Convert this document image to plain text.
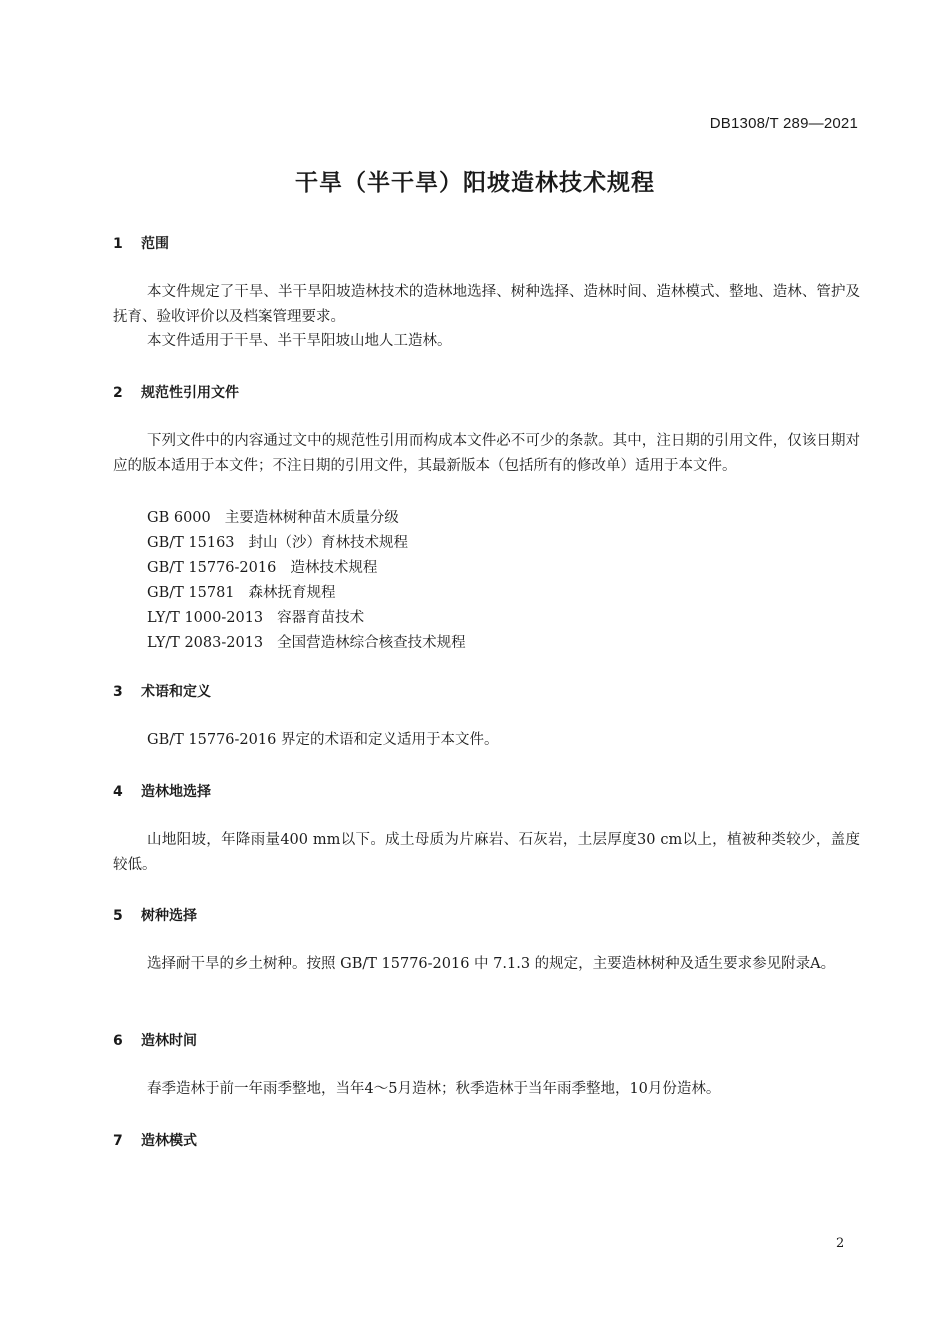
DB1308/T 289—2021
干旱（半干旱）阳坡造林技术规程
1 范围
本文件规定了干旱、半干旱阳坡造林技术的造林地选择、树种选择、造林时间、造林模式、整地、造林、管护及抚育、验收评价以及档案管理要求。
本文件适用于干旱、半干旱阳坡山地人工造林。
2 规范性引用文件
下列文件中的内容通过文中的规范性引用而构成本文件必不可少的条款。其中，注日期的引用文件，仅该日期对应的版本适用于本文件；不注日期的引用文件，其最新版本（包括所有的修改单）适用于本文件。
GB 6000 主要造林树种苗木质量分级
GB/T 15163 封山（沙）育林技术规程
GB/T 15776-2016 造林技术规程
GB/T 15781 森林抚育规程
LY/T 1000-2013 容器育苗技术
LY/T 2083-2013 全国营造林综合核查技术规程
3 术语和定义
GB/T 15776-2016 界定的术语和定义适用于本文件。
4 造林地选择
山地阳坡，年降雨量400 mm以下。成土母质为片麻岩、石灰岩，土层厚度30 cm以上，植被种类较少，盖度较低。
5 树种选择
选择耐干旱的乡土树种。按照 GB/T 15776-2016 中 7.1.3 的规定，主要造林树种及适生要求参见附录A。
6 造林时间
春季造林于前一年雨季整地，当年4～5月造林；秋季造林于当年雨季整地，10月份造林。
7 造林模式
2
